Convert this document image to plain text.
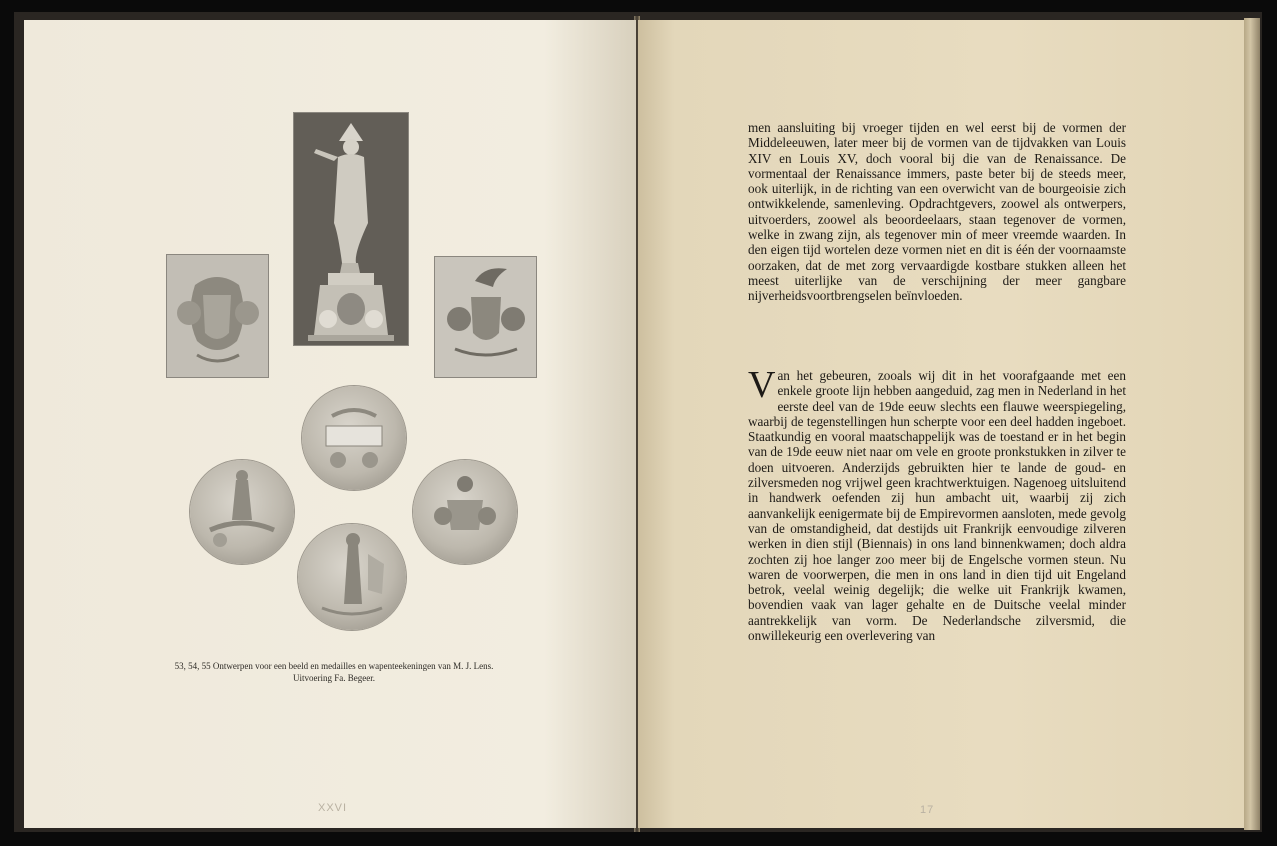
53, 54, 55 Ontwerpen voor een beeld en medailles en wapenteekeningen van M. J. Lens.
Uitvoering Fa. Begeer.
XXVI

men aansluiting bij vroeger tijden en wel eerst bij de vormen der Middeleeuwen, later meer bij de vormen van de tijdvakken van Louis XIV en Louis XV, doch vooral bij die van de Renaissance. De vormentaal der Renaissance immers, paste beter bij de steeds meer, ook uiterlijk, in de richting van een overwicht van de bourgeoisie zich ontwikkelende, samenleving. Opdrachtgevers, zoowel als ontwerpers, uitvoerders, zoowel als beoordeelaars, staan tegenover de vormen, welke in zwang zijn, als tegenover min of meer vreemde waarden. In den eigen tijd wortelen deze vormen niet en dit is één der voornaamste oorzaken, dat de met zorg vervaardigde kostbare stukken alleen het meest uiterlijke van de verschijning der meer gangbare nijverheidsvoortbrengselen beïnvloeden.

V an het gebeuren, zooals wij dit in het voorafgaande met een enkele groote lijn hebben aangeduid, zag men in Nederland in het eerste deel van de 19de eeuw slechts een flauwe weerspiegeling, waarbij de tegenstellingen hun scherpte voor een deel hadden ingeboet. Staatkundig en vooral maatschappelijk was de toestand er in het begin van de 19de eeuw niet naar om vele en groote pronkstukken in zilver te doen uitvoeren. Anderzijds gebruikten hier te lande de goud- en zilversmeden nog vrijwel geen krachtwerktuigen. Nagenoeg uitsluitend in handwerk oefenden zij hun ambacht uit, waarbij zij zich aanvankelijk eenigermate bij de Empirevormen aansloten, mede gevolg van de omstandigheid, dat destijds uit Frankrijk eenvoudige zilveren werken in dien stijl (Biennais) in ons land binnenkwamen; doch aldra zochten zij hoe langer zoo meer bij de Engelsche vormen steun. Nu waren de voorwerpen, die men in ons land in dien tijd uit Engeland betrok, veelal weinig degelijk; die welke uit Frankrijk kwamen, bovendien vaak van lager gehalte en de Duitsche veelal minder aantrekkelijk van vorm. De Nederlandsche zilversmid, die onwillekeurig een overlevering van

17
